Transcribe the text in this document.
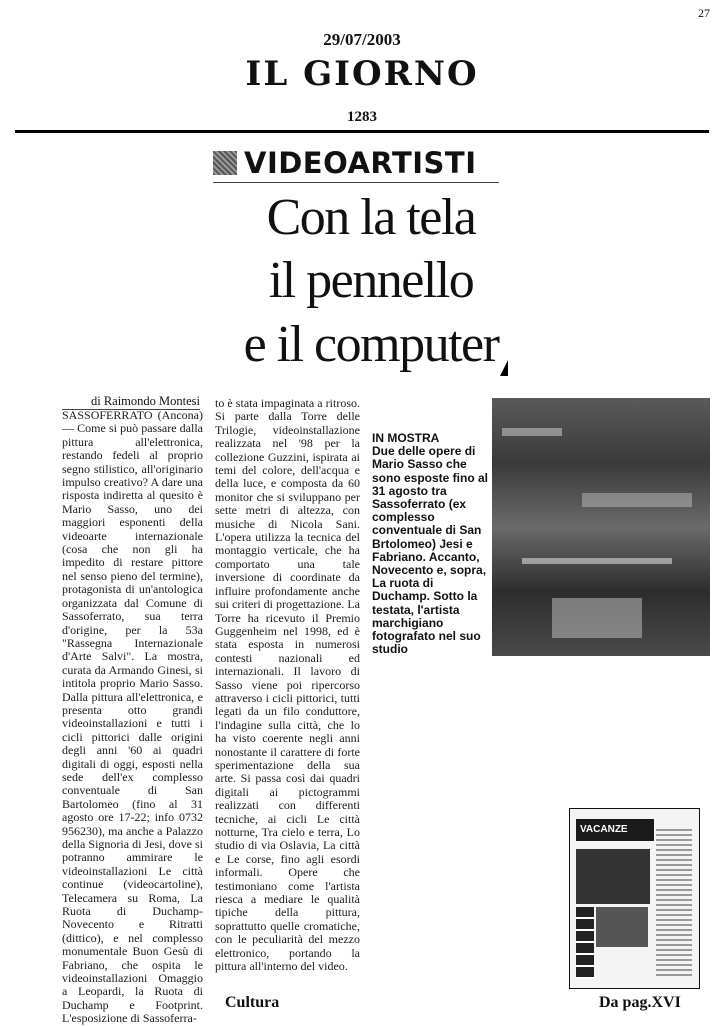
27
29/07/2003
IL GIORNO
1283
VIDEOARTISTI
Con la tela
il pennello
e il computer
di Raimondo Montesi

SASSOFERRATO (Ancona) — Come si può passare dalla pittura all'elettronica, restando fedeli al proprio segno stilistico, all'originario impulso creativo? A dare una risposta indiretta al quesito è Mario Sasso, uno dei maggiori esponenti della videoarte internazionale (cosa che non gli ha impedito di restare pittore nel senso pieno del termine), protagonista di un'antologica organizzata dal Comune di Sassoferrato, sua terra d'origine, per la 53a "Rassegna Internazionale d'Arte Salvi". La mostra, curata da Armando Ginesi, si intitola proprio Mario Sasso. Dalla pittura all'elettronica, e presenta otto grandi videoinstallazioni e tutti i cicli pittorici dalle origini degli anni '60 ai quadri digitali di oggi, esposti nella sede dell'ex complesso conventuale di San Bartolomeo (fino al 31 agosto ore 17-22; info 0732 956230), ma anche a Palazzo della Signoria di Jesi, dove si potranno ammirare le videoinstallazioni Le città continue (videocartoline), Telecamera su Roma, La Ruota di Duchamp-Novecento e Ritratti (dittico), e nel complesso monumentale Buon Gesù di Fabriano, che ospita le videoinstallazioni Omaggio a Leopardi, la Ruota di Duchamp e Footprint. L'esposizione di Sassoferra-

to è stata impaginata a ritroso. Si parte dalla Torre delle Trilogie, videoinstallazione realizzata nel '98 per la collezione Guzzini, ispirata ai temi del colore, dell'acqua e della luce, e composta da 60 monitor che si sviluppano per sette metri di altezza, con musiche di Nicola Sani. L'opera utilizza la tecnica del montaggio verticale, che ha comportato una tale inversione di coordinate da influire profondamente anche sui criteri di progettazione. La Torre ha ricevuto il Premio Guggenheim nel 1998, ed è stata esposta in numerosi contesti nazionali ed internazionali. Il lavoro di Sasso viene poi ripercorso attraverso i cicli pittorici, tutti legati da un filo conduttore, l'indagine sulla città, che lo ha visto coerente negli anni nonostante il carattere di forte sperimentazione della sua arte. Si passa così dai quadri digitali ai pictogrammi realizzati con differenti tecniche, ai cicli Le città notturne, Tra cielo e terra, Lo studio di via Oslavia, La città e Le corse, fino agli esordi informali. Opere che testimoniano come l'artista riesca a mediare le qualità tipiche della pittura, soprattutto quelle cromatiche, con le peculiarità del mezzo elettronico, portando la pittura all'interno del video.

IN MOSTRA
Due delle opere di Mario Sasso che sono esposte fino al 31 agosto tra Sassoferrato (ex complesso conventuale di San Brtolomeo) Jesi e Fabriano. Accanto, Novecento e, sopra, La ruota di Duchamp. Sotto la testata, l'artista marchigiano fotografato nel suo studio
VACANZE
Cultura	Da pag.XVI
